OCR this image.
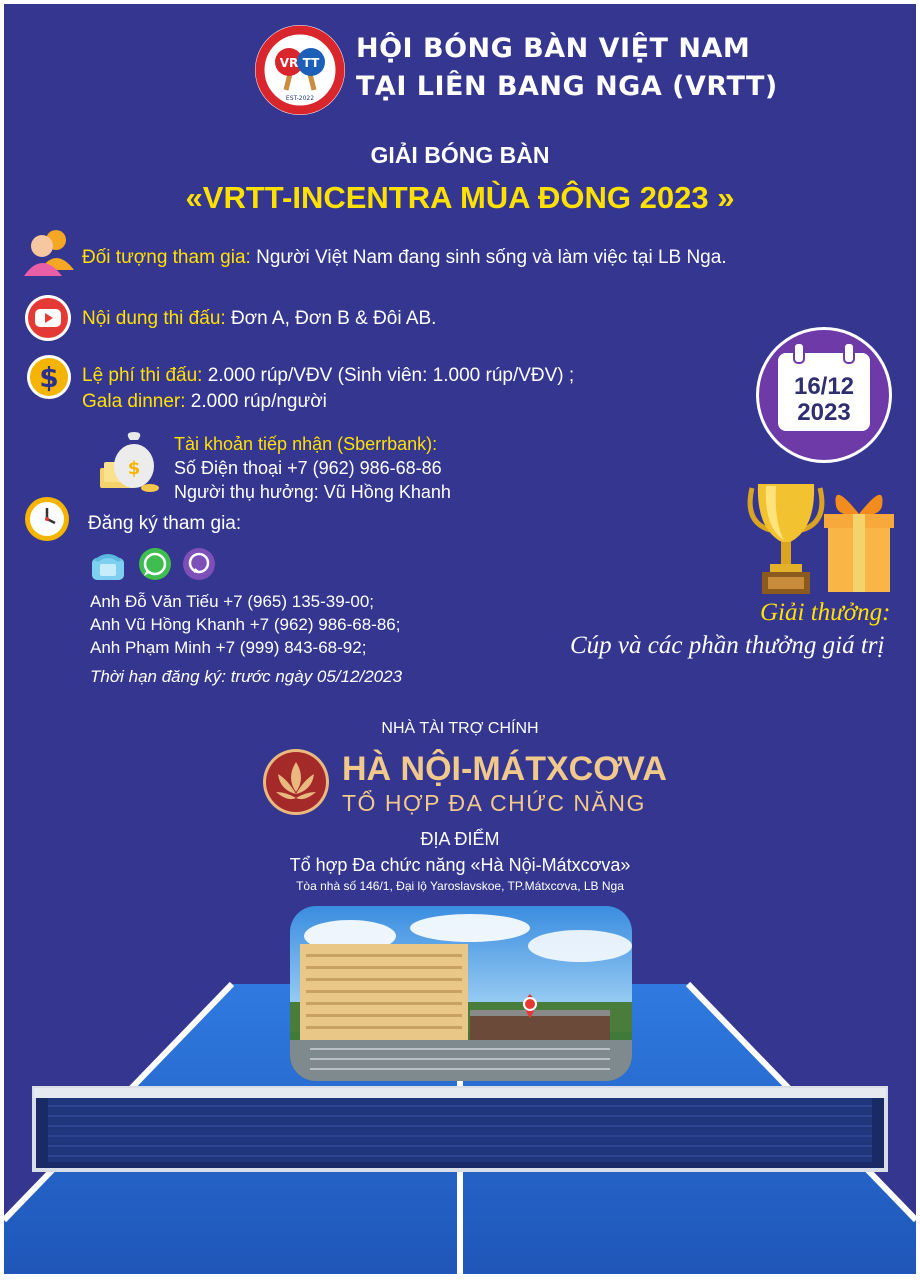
VR TT
EST-2022
HỘI BÓNG BÀN VIỆT NAM
TẠI LIÊN BANG NGA (VRTT)
GIẢI BÓNG BÀN
«VRTT-INCENTRA MÙA ĐÔNG 2023 »
Đối tượng tham gia: Người Việt Nam đang sinh sống và làm việc tại LB Nga.
Nội dung thi đấu: Đơn A, Đơn B & Đôi AB.
$ Lệ phí thi đấu: 2.000 rúp/VĐV (Sinh viên: 1.000 rúp/VĐV) ;
Gala dinner: 2.000 rúp/người
$
Tài khoản tiếp nhận (Sberrbank):
Số Điện thoại +7 (962) 986-68-86
Người thụ hưởng: Vũ Hồng Khanh
Đăng ký tham gia:
Anh Đỗ Văn Tiếu +7 (965) 135-39-00;
Anh Vũ Hồng Khanh +7 (962) 986-68-86;
Anh Phạm Minh +7 (999) 843-68-92;
Thời hạn đăng ký: trước ngày 05/12/2023
16/12
2023
Giải thưởng:
Cúp và các phần thưởng giá trị
NHÀ TÀI TRỢ CHÍNH
HÀ NỘI-MÁTXCƠVA
TỔ HỢP ĐA CHỨC NĂNG
ĐỊA ĐIỂM
Tổ hợp Đa chức năng «Hà Nội-Mátxcơva»
Tòa nhà số 146/1, Đại lộ Yaroslavskoe, TP.Mátxcơva, LB Nga
